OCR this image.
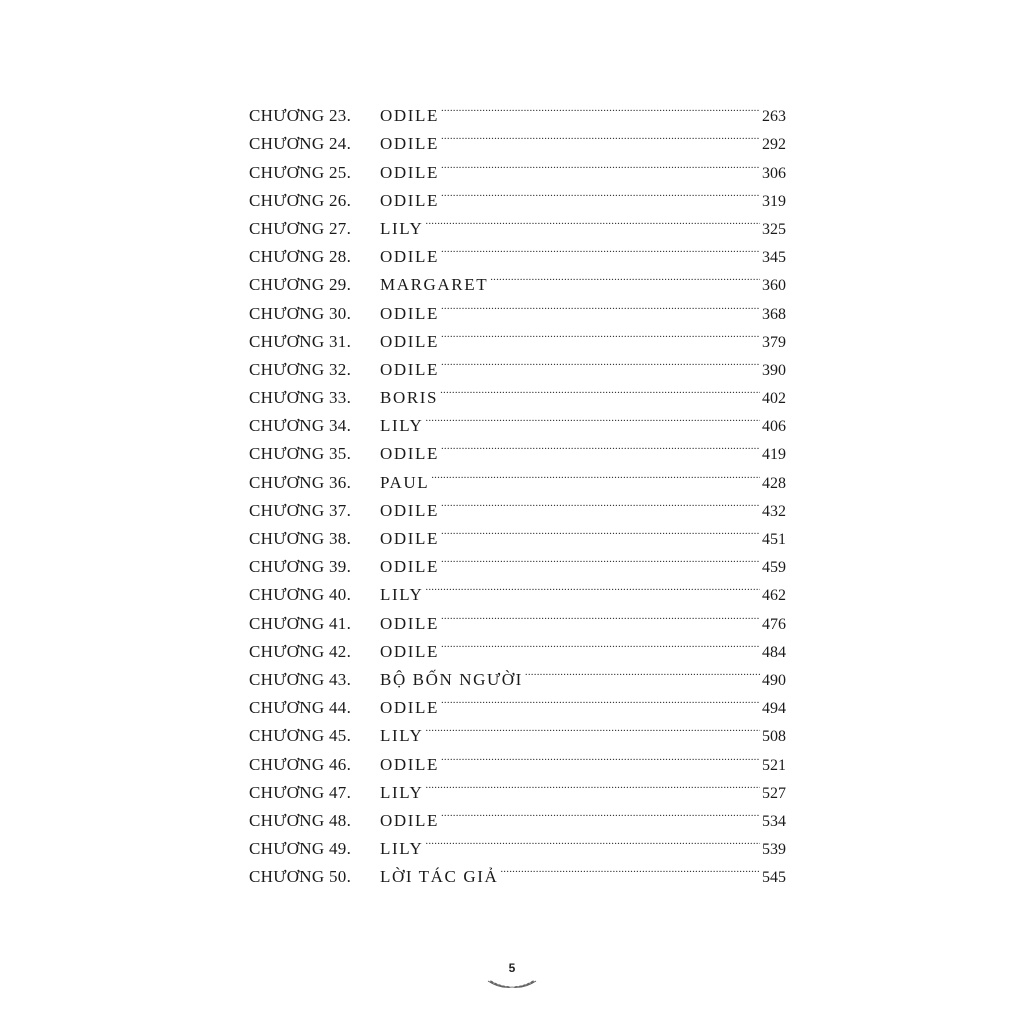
CHƯƠNG 23.	ODILE .....	263
CHƯƠNG 24.	ODILE .....	292
CHƯƠNG 25.	ODILE .....	306
CHƯƠNG 26.	ODILE .....	319
CHƯƠNG 27.	LILY .....	325
CHƯƠNG 28.	ODILE .....	345
CHƯƠNG 29.	MARGARET .....	360
CHƯƠNG 30.	ODILE .....	368
CHƯƠNG 31.	ODILE .....	379
CHƯƠNG 32.	ODILE .....	390
CHƯƠNG 33.	BORIS .....	402
CHƯƠNG 34.	LILY .....	406
CHƯƠNG 35.	ODILE .....	419
CHƯƠNG 36.	PAUL .....	428
CHƯƠNG 37.	ODILE .....	432
CHƯƠNG 38.	ODILE .....	451
CHƯƠNG 39.	ODILE .....	459
CHƯƠNG 40.	LILY .....	462
CHƯƠNG 41.	ODILE .....	476
CHƯƠNG 42.	ODILE .....	484
CHƯƠNG 43.	BỘ BỐN NGƯỜI .....	490
CHƯƠNG 44.	ODILE .....	494
CHƯƠNG 45.	LILY .....	508
CHƯƠNG 46.	ODILE .....	521
CHƯƠNG 47.	LILY .....	527
CHƯƠNG 48.	ODILE .....	534
CHƯƠNG 49.	LILY .....	539
CHƯƠNG 50.	LỜI TÁC GIẢ .....	545
5
